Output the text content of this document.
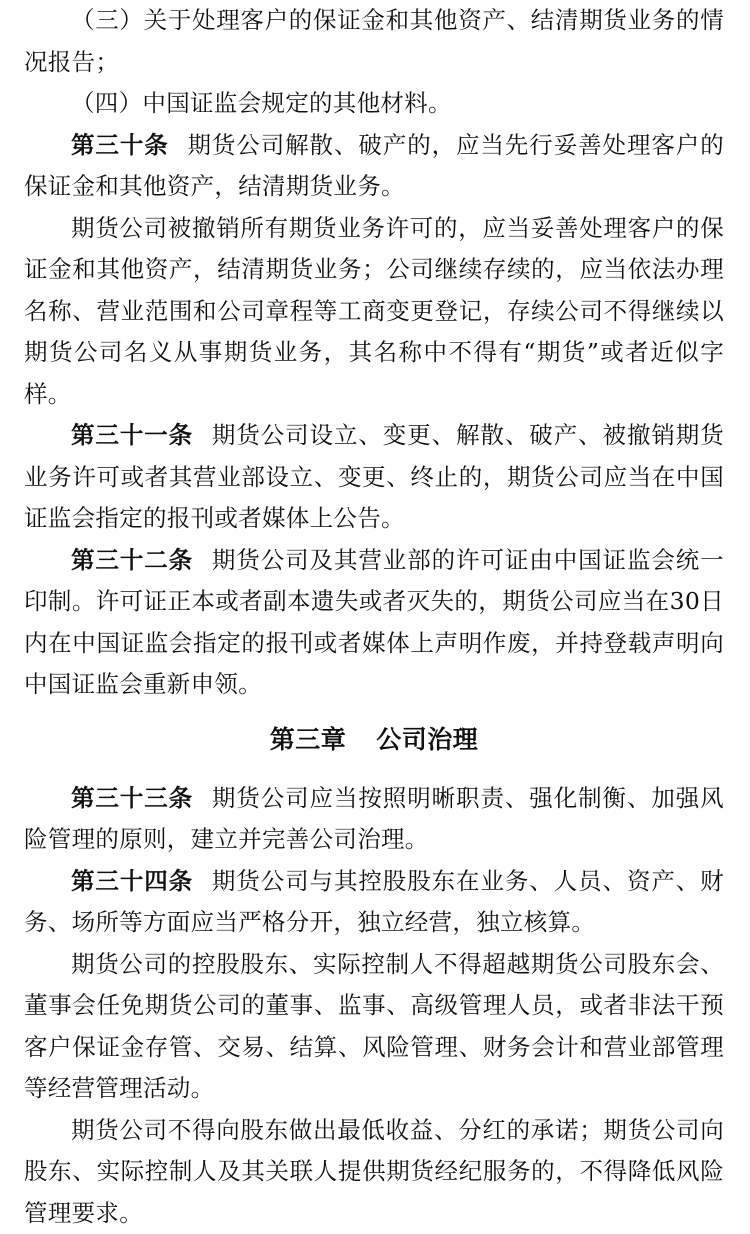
（三）关于处理客户的保证金和其他资产、结清期货业务的情况报告；

（四）中国证监会规定的其他材料。

第三十条 期货公司解散、破产的，应当先行妥善处理客户的保证金和其他资产，结清期货业务。

期货公司被撤销所有期货业务许可的，应当妥善处理客户的保证金和其他资产，结清期货业务；公司继续存续的，应当依法办理名称、营业范围和公司章程等工商变更登记，存续公司不得继续以期货公司名义从事期货业务，其名称中不得有“期货”或者近似字样。

第三十一条 期货公司设立、变更、解散、破产、被撤销期货业务许可或者其营业部设立、变更、终止的，期货公司应当在中国证监会指定的报刊或者媒体上公告。

第三十二条 期货公司及其营业部的许可证由中国证监会统一印制。许可证正本或者副本遗失或者灭失的，期货公司应当在30日内在中国证监会指定的报刊或者媒体上声明作废，并持登载声明向中国证监会重新申领。

第三章 公司治理

第三十三条 期货公司应当按照明晰职责、强化制衡、加强风险管理的原则，建立并完善公司治理。

第三十四条 期货公司与其控股股东在业务、人员、资产、财务、场所等方面应当严格分开，独立经营，独立核算。

期货公司的控股股东、实际控制人不得超越期货公司股东会、董事会任免期货公司的董事、监事、高级管理人员，或者非法干预客户保证金存管、交易、结算、风险管理、财务会计和营业部管理等经营管理活动。

期货公司不得向股东做出最低收益、分红的承诺；期货公司向股东、实际控制人及其关联人提供期货经纪服务的，不得降低风险管理要求。
